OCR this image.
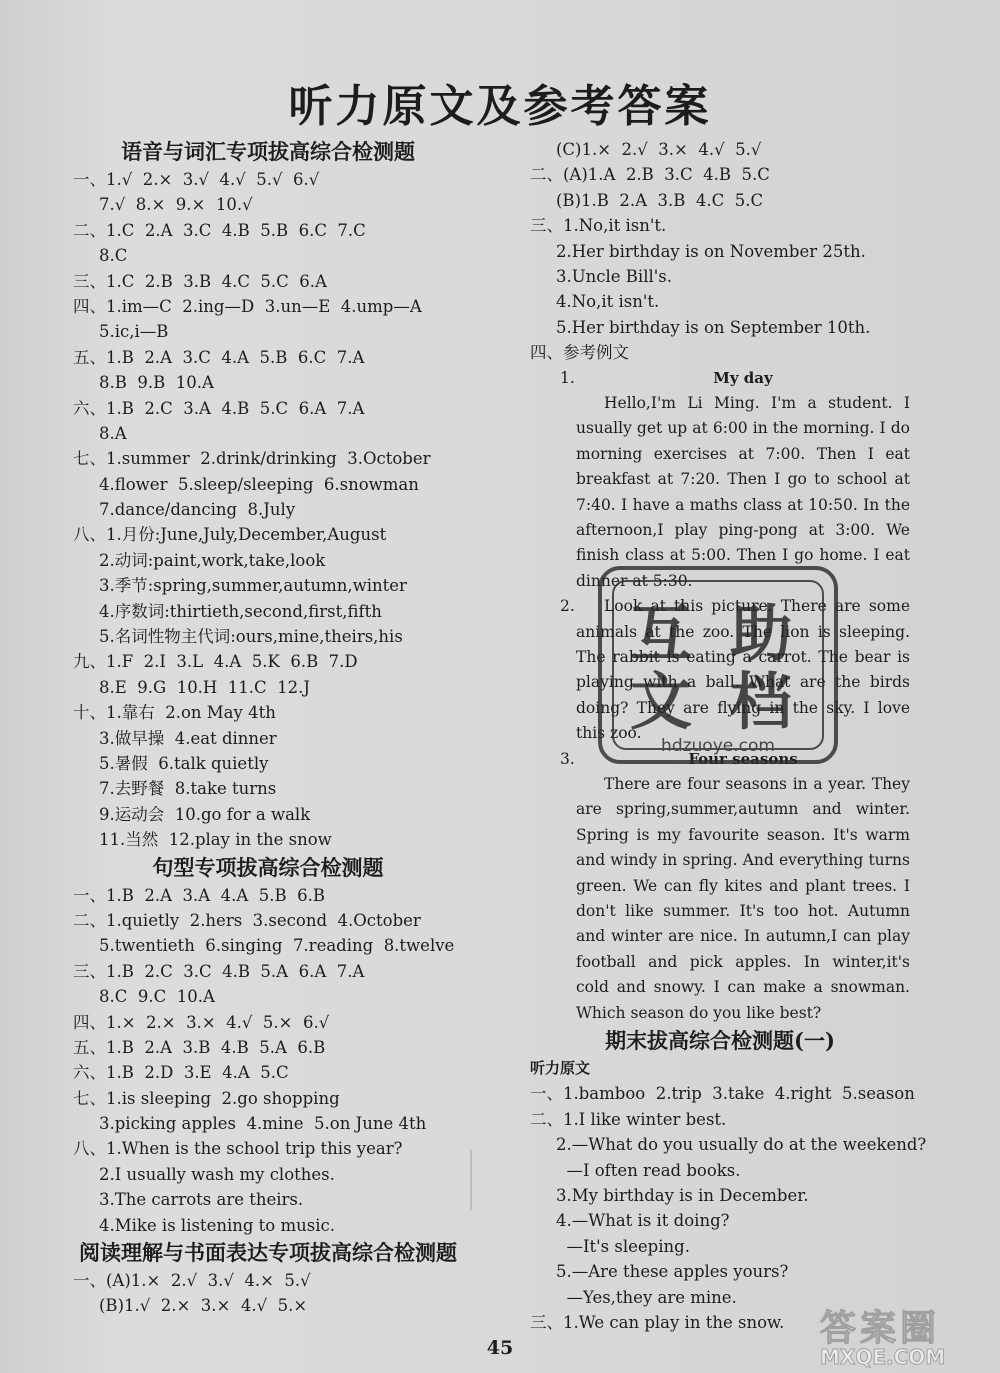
听力原文及参考答案
语音与词汇专项拔高综合检测题
一、1.√  2.×  3.√  4.√  5.√  6.√
7.√  8.×  9.×  10.√
二、1.C  2.A  3.C  4.B  5.B  6.C  7.C
8.C
三、1.C  2.B  3.B  4.C  5.C  6.A
四、1.im—C  2.ing—D  3.un—E  4.ump—A
5.ic,i—B
五、1.B  2.A  3.C  4.A  5.B  6.C  7.A
8.B  9.B  10.A
六、1.B  2.C  3.A  4.B  5.C  6.A  7.A
8.A
七、1.summer  2.drink/drinking  3.October
4.flower  5.sleep/sleeping  6.snowman
7.dance/dancing  8.July
八、1.月份:June,July,December,August
2.动词:paint,work,take,look
3.季节:spring,summer,autumn,winter
4.序数词:thirtieth,second,first,fifth
5.名词性物主代词:ours,mine,theirs,his
九、1.F  2.I  3.L  4.A  5.K  6.B  7.D
8.E  9.G  10.H  11.C  12.J
十、1.靠右  2.on May 4th
3.做早操  4.eat dinner
5.暑假  6.talk quietly
7.去野餐  8.take turns
9.运动会  10.go for a walk
11.当然  12.play in the snow
句型专项拔高综合检测题
一、1.B  2.A  3.A  4.A  5.B  6.B
二、1.quietly  2.hers  3.second  4.October
5.twentieth  6.singing  7.reading  8.twelve
三、1.B  2.C  3.C  4.B  5.A  6.A  7.A
8.C  9.C  10.A
四、1.×  2.×  3.×  4.√  5.×  6.√
五、1.B  2.A  3.B  4.B  5.A  6.B
六、1.B  2.D  3.E  4.A  5.C
七、1.is sleeping  2.go shopping
3.picking apples  4.mine  5.on June 4th
八、1.When is the school trip this year?
2.I usually wash my clothes.
3.The carrots are theirs.
4.Mike is listening to music.
阅读理解与书面表达专项拔高综合检测题
一、(A)1.×  2.√  3.√  4.×  5.√
(B)1.√  2.×  3.×  4.√  5.×
(C)1.×  2.√  3.×  4.√  5.√
二、(A)1.A  2.B  3.C  4.B  5.C
(B)1.B  2.A  3.B  4.C  5.C
三、1.No,it isn't.
2.Her birthday is on November 25th.
3.Uncle Bill's.
4.No,it isn't.
5.Her birthday is on September 10th.
四、参考例文
1.	My day
Hello,I'm Li Ming. I'm a student. I usually get up at 6:00 in the morning. I do morning exercises at 7:00. Then I eat breakfast at 7:20. Then I go to school at 7:40. I have a maths class at 10:50. In the afternoon,I play ping-pong at 3:00. We finish class at 5:00. Then I go home. I eat dinner at 5:30.
2.	Look at this picture. There are some animals at the zoo. The lion is sleeping. The rabbit is eating a carrot. The bear is playing with a ball. What are the birds doing? They are flying in the sky. I love this zoo.
3.	Four seasons
There are four seasons in a year. They are spring,summer,autumn and winter. Spring is my favourite season. It's warm and windy in spring. And everything turns green. We can fly kites and plant trees. I don't like summer. It's too hot. Autumn and winter are nice. In autumn,I can play football and pick apples. In winter,it's cold and snowy. I can make a snowman. Which season do you like best?
期末拔高综合检测题(一)
听力原文
一、1.bamboo  2.trip  3.take  4.right  5.season
二、1.I like winter best.
2.—What do you usually do at the weekend?
—I often read books.
3.My birthday is in December.
4.—What is it doing?
—It's sleeping.
5.—Are these apples yours?
—Yes,they are mine.
三、1.We can play in the snow.
互 助
文 档
hdzuoye.com
45	答案圈
MXQE.COM
